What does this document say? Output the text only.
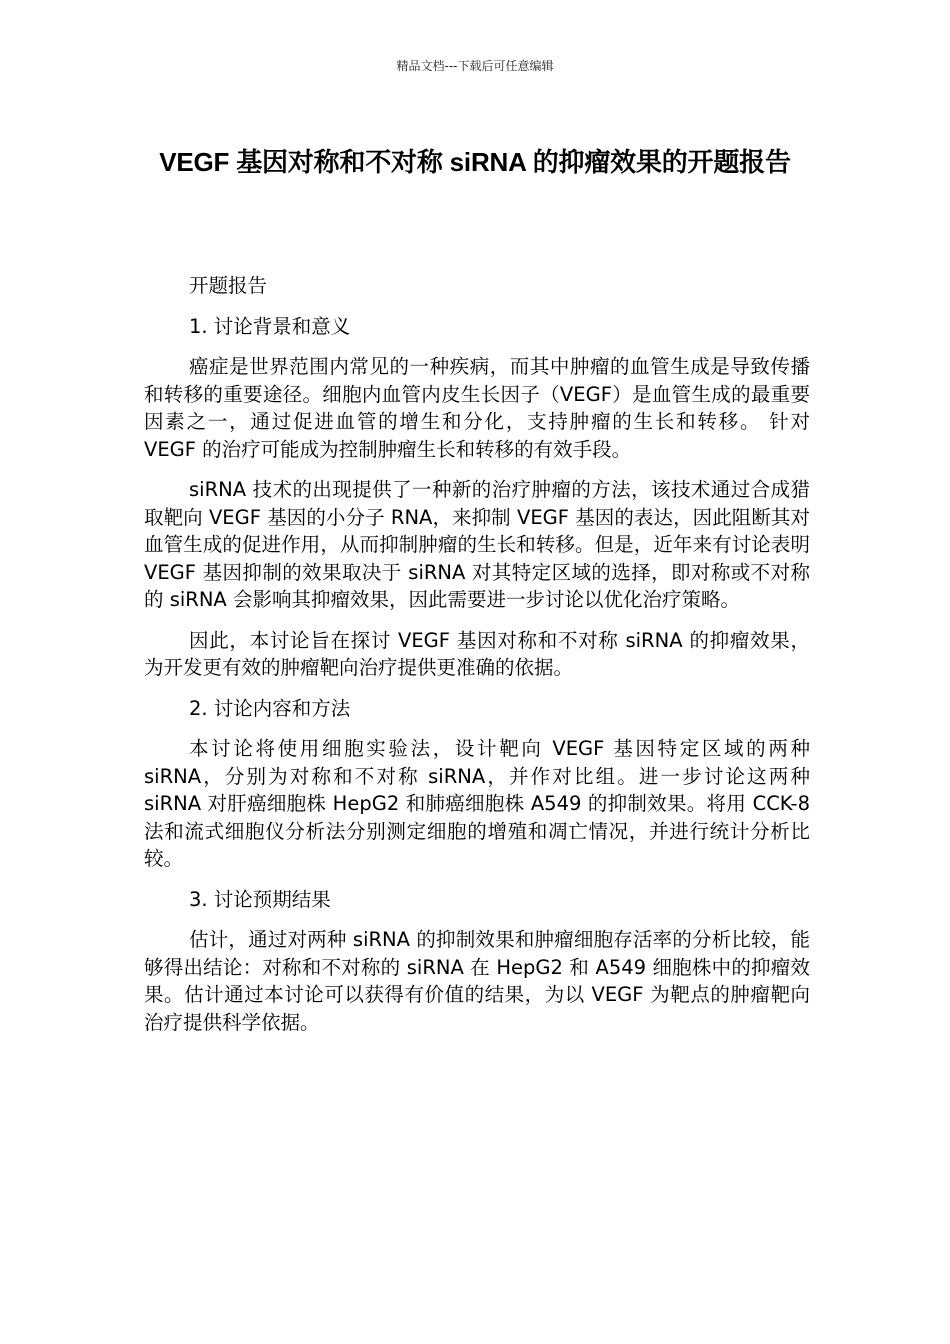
精品文档---下载后可任意编辑
VEGF 基因对称和不对称 siRNA 的抑瘤效果的开题报告

开题报告

1. 讨论背景和意义

癌症是世界范围内常见的一种疾病，而其中肿瘤的血管生成是导致传播和转移的重要途径。细胞内血管内皮生长因子（VEGF）是血管生成的最重要因素之一，通过促进血管的增生和分化，支持肿瘤的生长和转移。 针对 VEGF 的治疗可能成为控制肿瘤生长和转移的有效手段。

siRNA 技术的出现提供了一种新的治疗肿瘤的方法，该技术通过合成猎取靶向 VEGF 基因的小分子 RNA，来抑制 VEGF 基因的表达，因此阻断其对血管生成的促进作用，从而抑制肿瘤的生长和转移。但是，近年来有讨论表明 VEGF 基因抑制的效果取决于 siRNA 对其特定区域的选择，即对称或不对称的 siRNA 会影响其抑瘤效果，因此需要进一步讨论以优化治疗策略。

因此，本讨论旨在探讨 VEGF 基因对称和不对称 siRNA 的抑瘤效果，为开发更有效的肿瘤靶向治疗提供更准确的依据。

2. 讨论内容和方法

本讨论将使用细胞实验法，设计靶向 VEGF 基因特定区域的两种 siRNA，分别为对称和不对称 siRNA，并作对比组。进一步讨论这两种 siRNA 对肝癌细胞株 HepG2 和肺癌细胞株 A549 的抑制效果。将用 CCK-8 法和流式细胞仪分析法分别测定细胞的增殖和凋亡情况，并进行统计分析比较。

3. 讨论预期结果

估计，通过对两种 siRNA 的抑制效果和肿瘤细胞存活率的分析比较，能够得出结论：对称和不对称的 siRNA 在 HepG2 和 A549 细胞株中的抑瘤效果。估计通过本讨论可以获得有价值的结果，为以 VEGF 为靶点的肿瘤靶向治疗提供科学依据。
